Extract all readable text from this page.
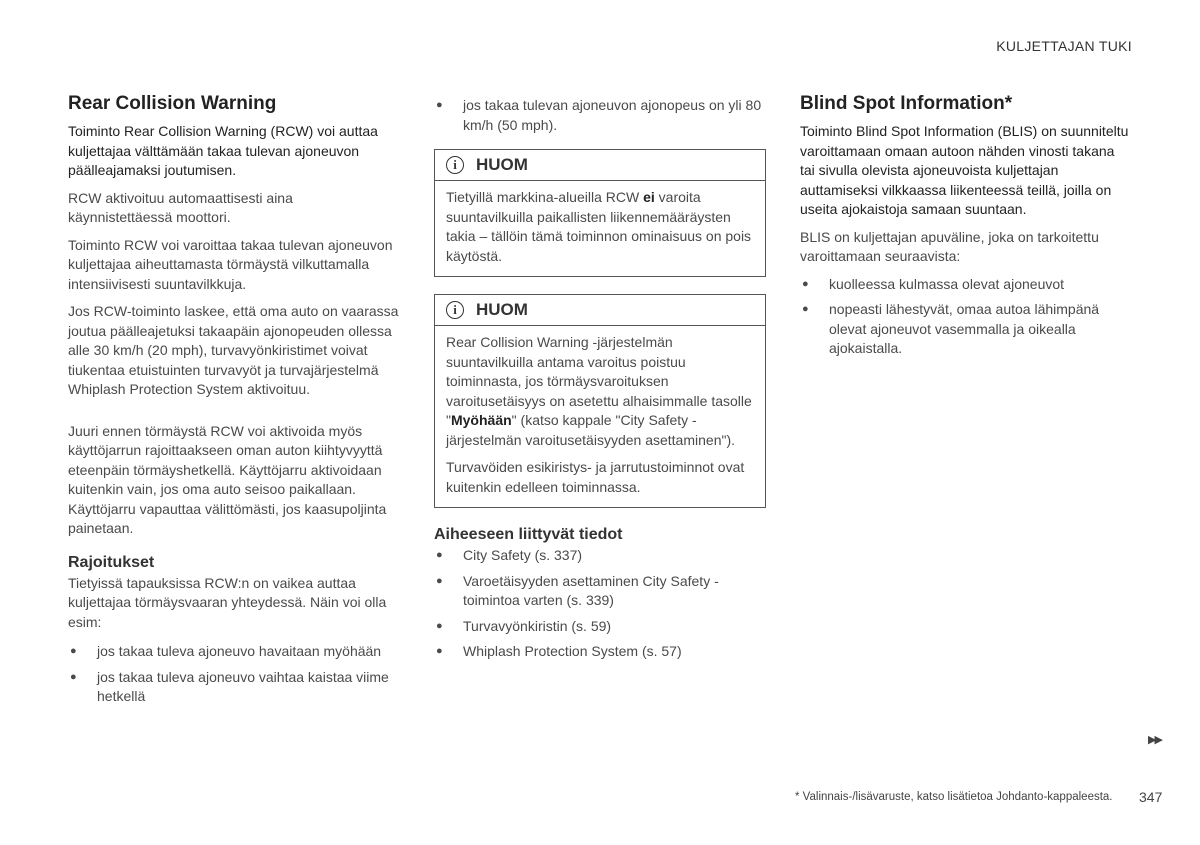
KULJETTAJAN TUKI
Rear Collision Warning

Toiminto Rear Collision Warning (RCW) voi auttaa kuljettajaa välttämään takaa tulevan ajoneuvon päälleajamaksi joutumisen.

RCW aktivoituu automaattisesti aina käynnistettäessä moottori.

Toiminto RCW voi varoittaa takaa tulevan ajoneuvon kuljettajaa aiheuttamasta törmäystä vilkuttamalla intensiivisesti suuntavilkkuja.

Jos RCW-toiminto laskee, että oma auto on vaarassa joutua päälleajetuksi takaapäin ajonopeuden ollessa alle 30 km/h (20 mph), turvavyönkiristimet voivat tiukentaa etuistuinten turvavyöt ja turvajärjestelmä Whiplash Protection System aktivoituu.

Juuri ennen törmäystä RCW voi aktivoida myös käyttöjarrun rajoittaakseen oman auton kiihtyvyyttä eteenpäin törmäyshetkellä. Käyttöjarru aktivoidaan kuitenkin vain, jos oma auto seisoo paikallaan. Käyttöjarru vapauttaa välittömästi, jos kaasupoljinta painetaan.

Rajoitukset

Tietyissä tapauksissa RCW:n on vaikea auttaa kuljettajaa törmäysvaaran yhteydessä. Näin voi olla esim:

● jos takaa tuleva ajoneuvo havaitaan myöhään
● jos takaa tuleva ajoneuvo vaihtaa kaistaa viime hetkellä
● jos takaa tulevan ajoneuvon ajonopeus on yli 80 km/h (50 mph).
i	HUOM

Tietyillä markkina-alueilla RCW ei varoita suuntavilkuilla paikallisten liikennemääräysten takia – tällöin tämä toiminnon ominaisuus on pois käytöstä.

i	HUOM

Rear Collision Warning -järjestelmän suuntavilkuilla antama varoitus poistuu toiminnasta, jos törmäysvaroituksen varoitusetäisyys on asetettu alhaisimmalle tasolle "Myöhään" (katso kappale "City Safety -järjestelmän varoitusetäisyyden asettaminen").

Turvavöiden esikiristys- ja jarrutustoiminnot ovat kuitenkin edelleen toiminnassa.

Aiheeseen liittyvät tiedot
● City Safety (s. 337)
● Varoetäisyyden asettaminen City Safety -toimintoa varten (s. 339)
● Turvavyönkiristin (s. 59)
● Whiplash Protection System (s. 57)
Blind Spot Information*

Toiminto Blind Spot Information (BLIS) on suunniteltu varoittamaan omaan autoon nähden vinosti takana tai sivulla olevista ajoneuvoista kuljettajan auttamiseksi vilkkaassa liikenteessä teillä, joilla on useita ajokaistoja samaan suuntaan.

BLIS on kuljettajan apuväline, joka on tarkoitettu varoittamaan seuraavista:

● kuolleessa kulmassa olevat ajoneuvot
● nopeasti lähestyvät, omaa autoa lähimpänä olevat ajoneuvot vasemmalla ja oikealla ajokaistalla.
▶▶
* Valinnais-/lisävaruste, katso lisätietoa Johdanto-kappaleesta. 347
